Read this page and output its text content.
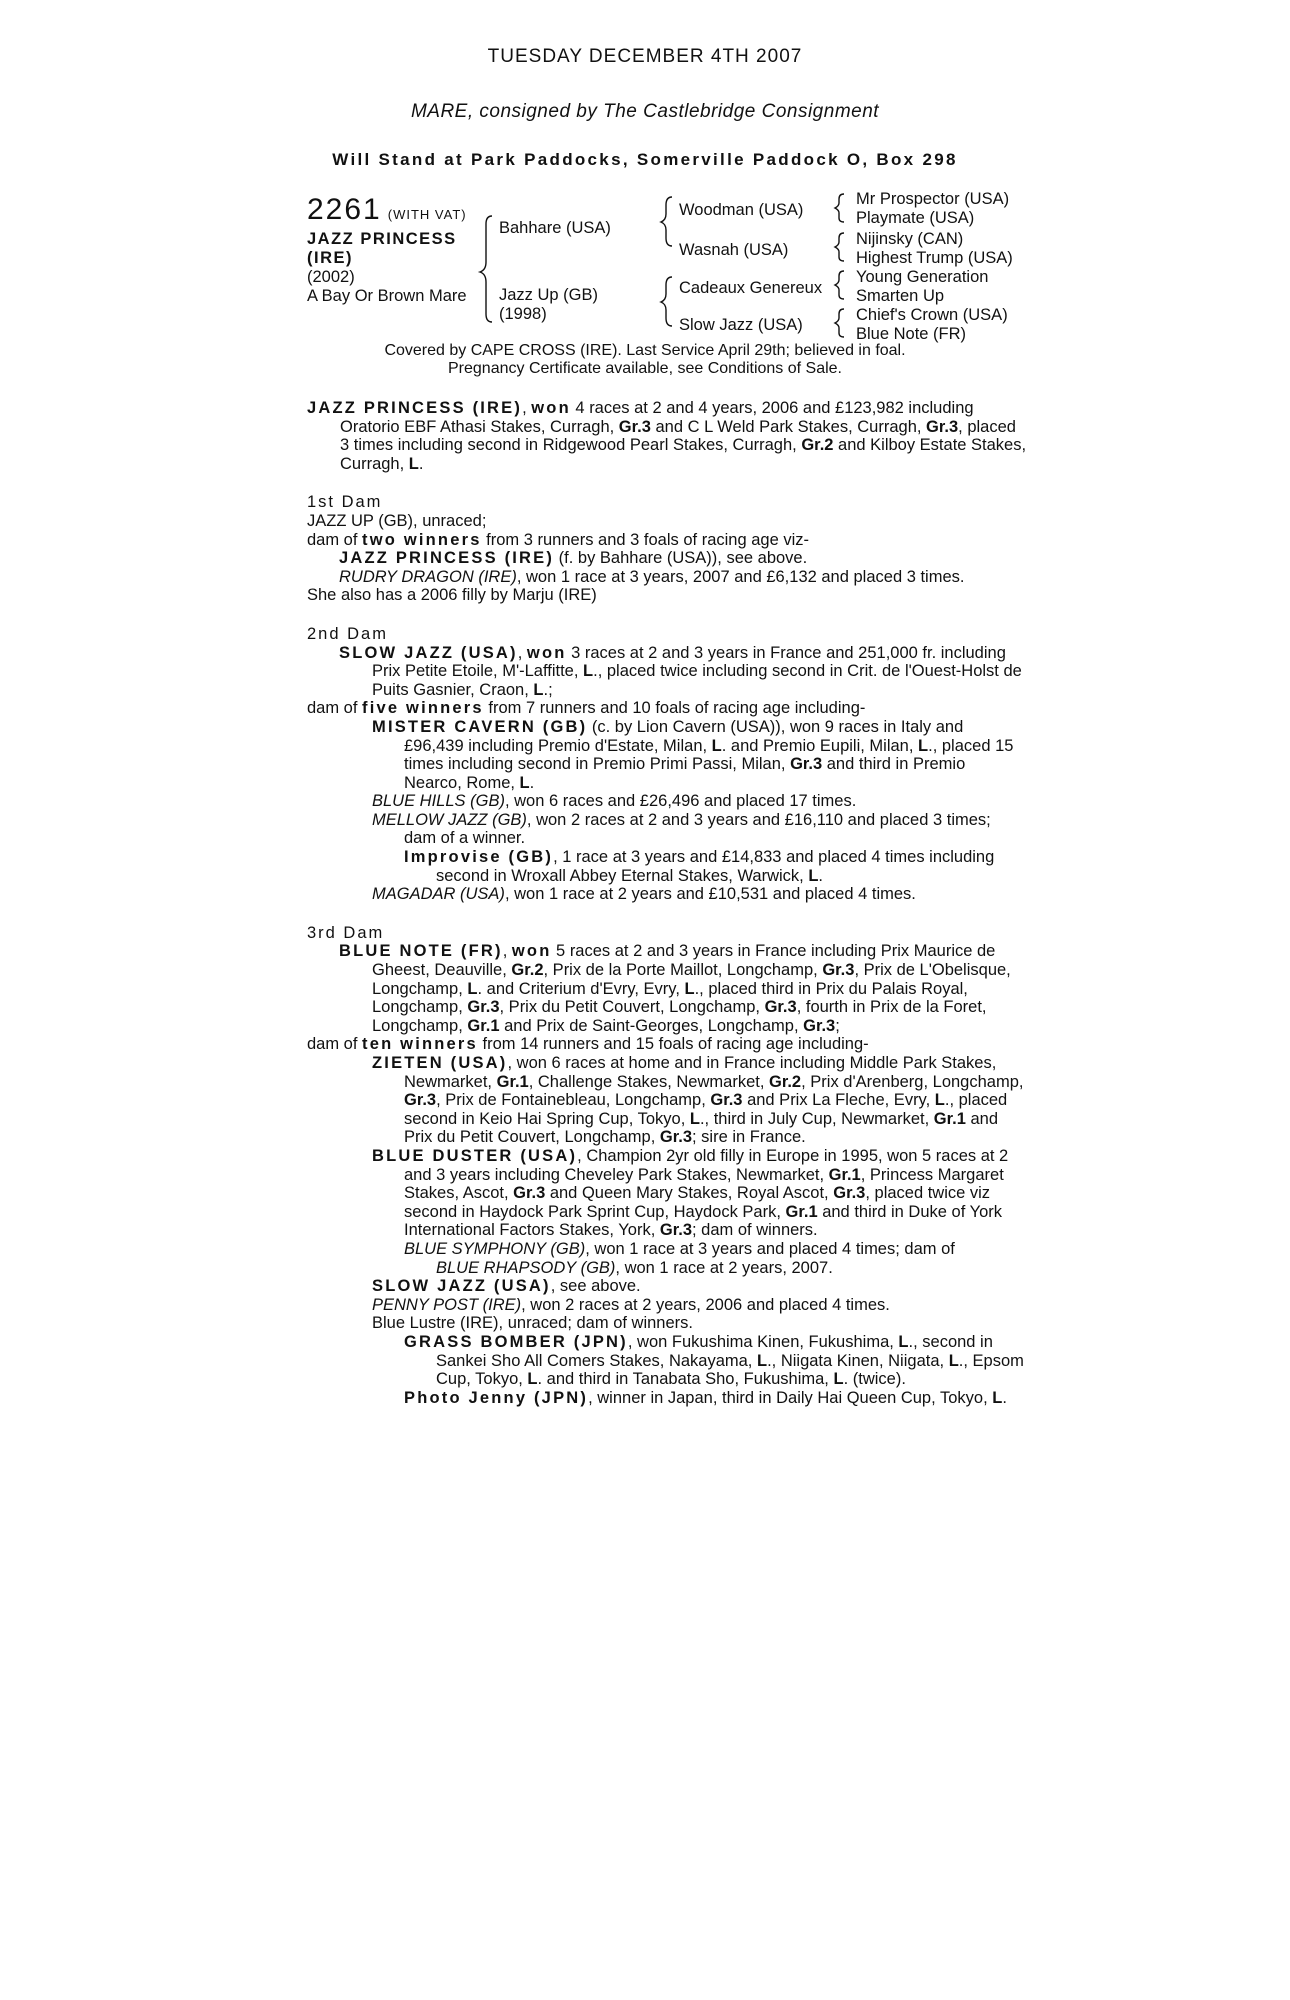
TUESDAY DECEMBER 4TH 2007
MARE, consigned by The Castlebridge Consignment
Will Stand at Park Paddocks, Somerville Paddock O, Box 298
2261 (WITH VAT)
JAZZ PRINCESS
(IRE)
(2002)
A Bay Or Brown Mare
Bahhare (USA)
Jazz Up (GB)
(1998)
Woodman (USA)
Wasnah (USA)
Cadeaux Genereux
Slow Jazz (USA)
Mr Prospector (USA)
Playmate (USA)
Nijinsky (CAN)
Highest Trump (USA)
Young Generation
Smarten Up
Chief's Crown (USA)
Blue Note (FR)
Covered by CAPE CROSS (IRE). Last Service April 29th; believed in foal.
Pregnancy Certificate available, see Conditions of Sale.

JAZZ PRINCESS (IRE), won 4 races at 2 and 4 years, 2006 and £123,982 including Oratorio EBF Athasi Stakes, Curragh, Gr.3 and C L Weld Park Stakes, Curragh, Gr.3, placed 3 times including second in Ridgewood Pearl Stakes, Curragh, Gr.2 and Kilboy Estate Stakes, Curragh, L.

1st Dam

JAZZ UP (GB), unraced;

dam of two winners from 3 runners and 3 foals of racing age viz-

JAZZ PRINCESS (IRE) (f. by Bahhare (USA)), see above.

RUDRY DRAGON (IRE), won 1 race at 3 years, 2007 and £6,132 and placed 3 times.

She also has a 2006 filly by Marju (IRE)

2nd Dam

SLOW JAZZ (USA), won 3 races at 2 and 3 years in France and 251,000 fr. including Prix Petite Etoile, M'-Laffitte, L., placed twice including second in Crit. de l'Ouest-Holst de Puits Gasnier, Craon, L.;

dam of five winners from 7 runners and 10 foals of racing age including-

MISTER CAVERN (GB) (c. by Lion Cavern (USA)), won 9 races in Italy and £96,439 including Premio d'Estate, Milan, L. and Premio Eupili, Milan, L., placed 15 times including second in Premio Primi Passi, Milan, Gr.3 and third in Premio Nearco, Rome, L.

BLUE HILLS (GB), won 6 races and £26,496 and placed 17 times.

MELLOW JAZZ (GB), won 2 races at 2 and 3 years and £16,110 and placed 3 times; dam of a winner.

Improvise (GB), 1 race at 3 years and £14,833 and placed 4 times including second in Wroxall Abbey Eternal Stakes, Warwick, L.

MAGADAR (USA), won 1 race at 2 years and £10,531 and placed 4 times.

3rd Dam

BLUE NOTE (FR), won 5 races at 2 and 3 years in France including Prix Maurice de Gheest, Deauville, Gr.2, Prix de la Porte Maillot, Longchamp, Gr.3, Prix de L'Obelisque, Longchamp, L. and Criterium d'Evry, Evry, L., placed third in Prix du Palais Royal, Longchamp, Gr.3, Prix du Petit Couvert, Longchamp, Gr.3, fourth in Prix de la Foret, Longchamp, Gr.1 and Prix de Saint-Georges, Longchamp, Gr.3;

dam of ten winners from 14 runners and 15 foals of racing age including-

ZIETEN (USA), won 6 races at home and in France including Middle Park Stakes, Newmarket, Gr.1, Challenge Stakes, Newmarket, Gr.2, Prix d'Arenberg, Longchamp, Gr.3, Prix de Fontainebleau, Longchamp, Gr.3 and Prix La Fleche, Evry, L., placed second in Keio Hai Spring Cup, Tokyo, L., third in July Cup, Newmarket, Gr.1 and Prix du Petit Couvert, Longchamp, Gr.3; sire in France.

BLUE DUSTER (USA), Champion 2yr old filly in Europe in 1995, won 5 races at 2 and 3 years including Cheveley Park Stakes, Newmarket, Gr.1, Princess Margaret Stakes, Ascot, Gr.3 and Queen Mary Stakes, Royal Ascot, Gr.3, placed twice viz second in Haydock Park Sprint Cup, Haydock Park, Gr.1 and third in Duke of York International Factors Stakes, York, Gr.3; dam of winners.

BLUE SYMPHONY (GB), won 1 race at 3 years and placed 4 times; dam of

BLUE RHAPSODY (GB), won 1 race at 2 years, 2007.

SLOW JAZZ (USA), see above.

PENNY POST (IRE), won 2 races at 2 years, 2006 and placed 4 times.

Blue Lustre (IRE), unraced; dam of winners.

GRASS BOMBER (JPN), won Fukushima Kinen, Fukushima, L., second in Sankei Sho All Comers Stakes, Nakayama, L., Niigata Kinen, Niigata, L., Epsom Cup, Tokyo, L. and third in Tanabata Sho, Fukushima, L. (twice).

Photo Jenny (JPN), winner in Japan, third in Daily Hai Queen Cup, Tokyo, L.
